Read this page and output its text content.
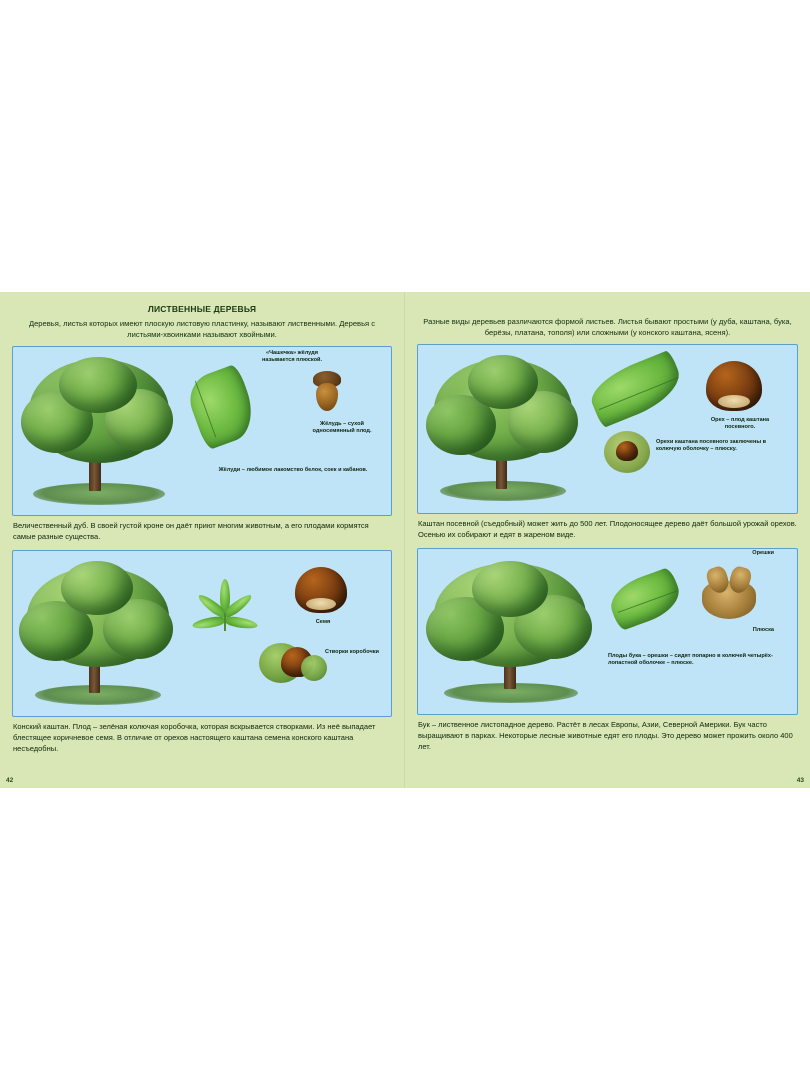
ЛИСТВЕННЫЕ ДЕРЕВЬЯ
Деревья, листья которых имеют плоскую листовую пластинку, называют лиственными. Деревья с листьями-хвоинками называют хвойными.
«Чашечка» жёлудя называется плюской.
Жёлудь – сухой односемянный плод.
Жёлуди – любимое лакомство белок, соек и кабанов.
Величественный дуб. В своей густой кроне он даёт приют многим животным, а его плодами кормятся самые разные существа.
Семя
Створки коробочки
Конский каштан. Плод – зелёная колючая коробочка, которая вскрывается створками. Из неё выпадает блестящее коричневое семя. В отличие от орехов настоящего каштана семена конского каштана несъедобны.
42
Разные виды деревьев различаются формой листьев. Листья бывают простыми (у дуба, каштана, бука, берёзы, платана, тополя) или сложными (у конского каштана, ясеня).
Орех – плод каштана посевного.
Орехи каштана посевного заключены в колючую оболочку – плюску.
Каштан посевной (съедобный) может жить до 500 лет. Плодоносящее дерево даёт большой урожай орехов. Осенью их собирают и едят в жареном виде.
Орешки
Плюска
Плоды бука – орешки – сидят попарно в колючей четырёх-лопастной оболочке – плюске.
Бук – лиственное листопадное дерево. Растёт в лесах Европы, Азии, Северной Америки. Бук часто выращивают в парках. Некоторые лесные животные едят его плоды. Это дерево может прожить около 400 лет.
43
